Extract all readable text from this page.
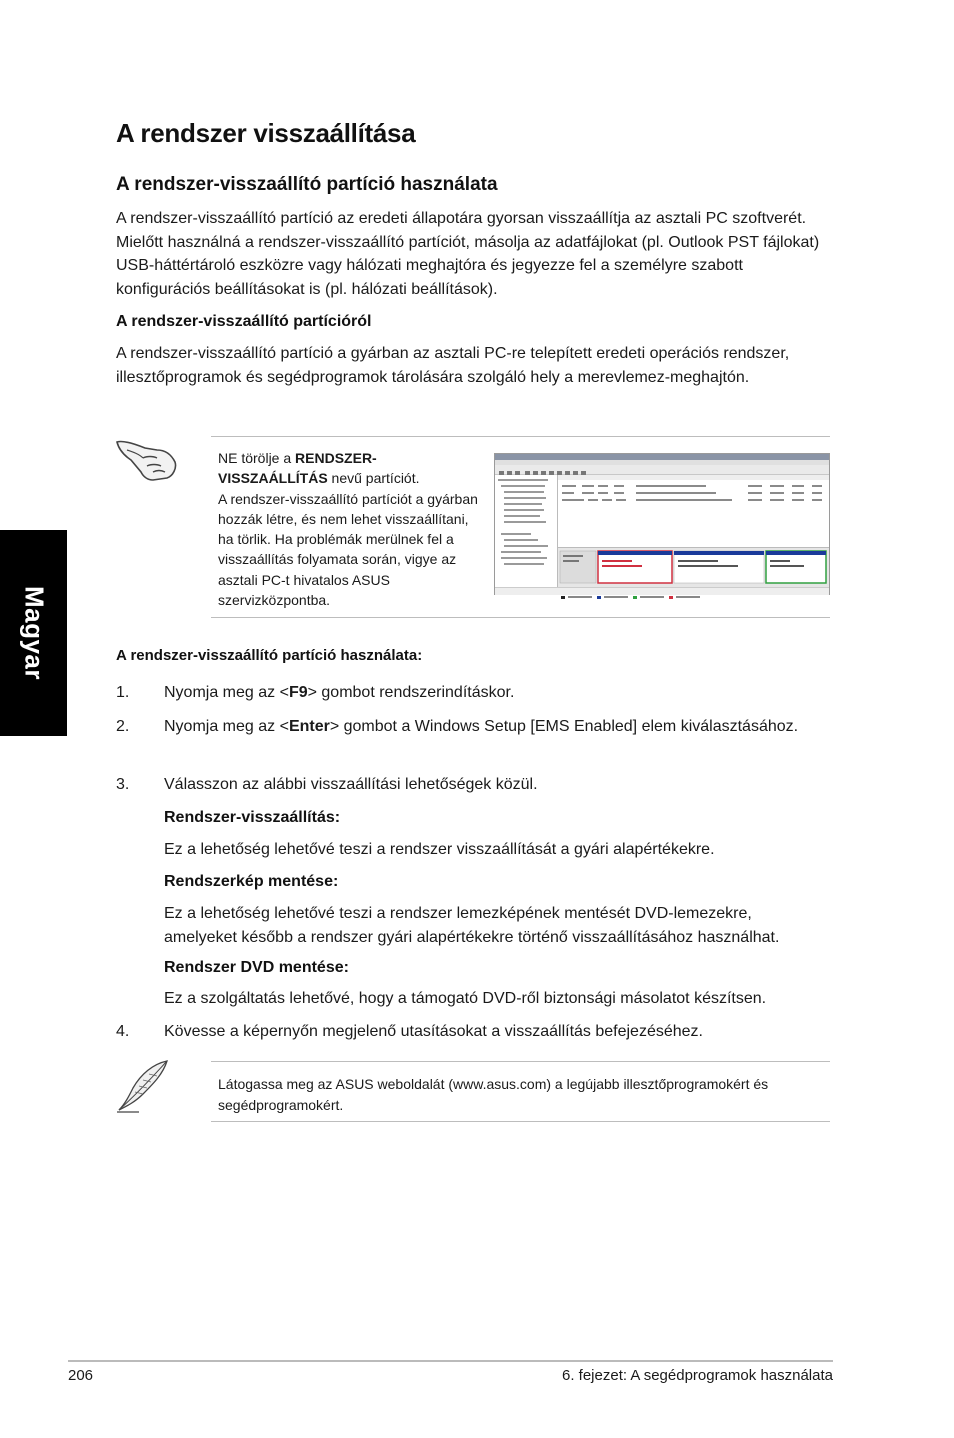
A rendszer visszaállítása
A rendszer-visszaállító partíció használata

A rendszer-visszaállító partíció az eredeti állapotára gyorsan visszaállítja az asztali PC szoftverét. Mielőtt használná a rendszer-visszaállító partíciót, másolja az adatfájlokat (pl. Outlook PST fájlokat) USB-háttértároló eszközre vagy hálózati meghajtóra és jegyezze fel a személyre szabott konfigurációs beállításokat is (pl. hálózati beállítások).

A rendszer-visszaállító partícióról

A rendszer-visszaállító partíció a gyárban az asztali PC-re telepített eredeti operációs rendszer, illesztőprogramok és segédprogramok tárolására szolgáló hely a merevlemez-meghajtón.

Magyar
NE törölje a RENDSZER-VISSZAÁLLÍTÁS nevű partíciót.
A rendszer-visszaállító partíciót a gyárban hozzák létre, és nem lehet visszaállítani, ha törlik. Ha problémák merülnek fel a visszaállítás folyamata során, vigye az asztali PC-t hivatalos ASUS szervizközpontba.
A rendszer-visszaállító partíció használata:
1. Nyomja meg az <F9> gombot rendszerindításkor.
2. Nyomja meg az <Enter> gombot a Windows Setup [EMS Enabled] elem kiválasztásához.
3. Válasszon az alábbi visszaállítási lehetőségek közül.
Rendszer-visszaállítás:
Ez a lehetőség lehetővé teszi a rendszer visszaállítását a gyári alapértékekre.
Rendszerkép mentése:
Ez a lehetőség lehetővé teszi a rendszer lemezképének mentését DVD-lemezekre, amelyeket később a rendszer gyári alapértékekre történő visszaállításához használhat.
Rendszer DVD mentése:
Ez a szolgáltatás lehetővé, hogy a támogató DVD-ről biztonsági másolatot készítsen.
4. Kövesse a képernyőn megjelenő utasításokat a visszaállítás befejezéséhez.
Látogassa meg az ASUS weboldalát (www.asus.com) a legújabb illesztőprogramokért és segédprogramokért.
206	6. fejezet: A segédprogramok használata
